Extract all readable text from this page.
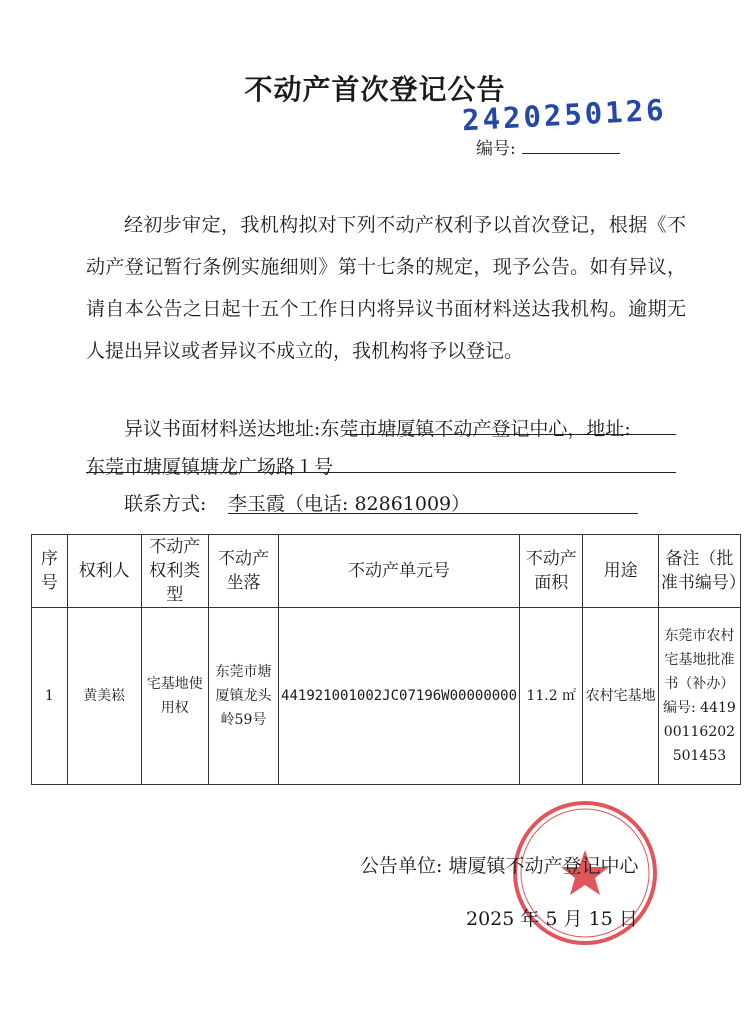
不动产首次登记公告
2420250126
编号:

经初步审定，我机构拟对下列不动产权利予以首次登记，根据《不动产登记暂行条例实施细则》第十七条的规定，现予公告。如有异议，请自本公告之日起十五个工作日内将异议书面材料送达我机构。逾期无人提出异议或者异议不成立的，我机构将予以登记。

异议书面材料送达地址:东莞市塘厦镇不动产登记中心，地址:
东莞市塘厦镇塘龙广场路１号
联系方式: 李玉霞（电话: 82861009）
序号	权利人	不动产权利类型	不动产坐落	不动产单元号	不动产面积	用途	备注（批准书编号）
1	黄美崧	宅基地使用权	东莞市塘厦镇龙头岭59号	441921001002JC07196W00000000	11.2 ㎡	农村宅基地	东莞市农村宅基地批准书（补办）编号: 441900116202501453
公告单位: 塘厦镇不动产登记中心
2025 年 5 月 15 日
